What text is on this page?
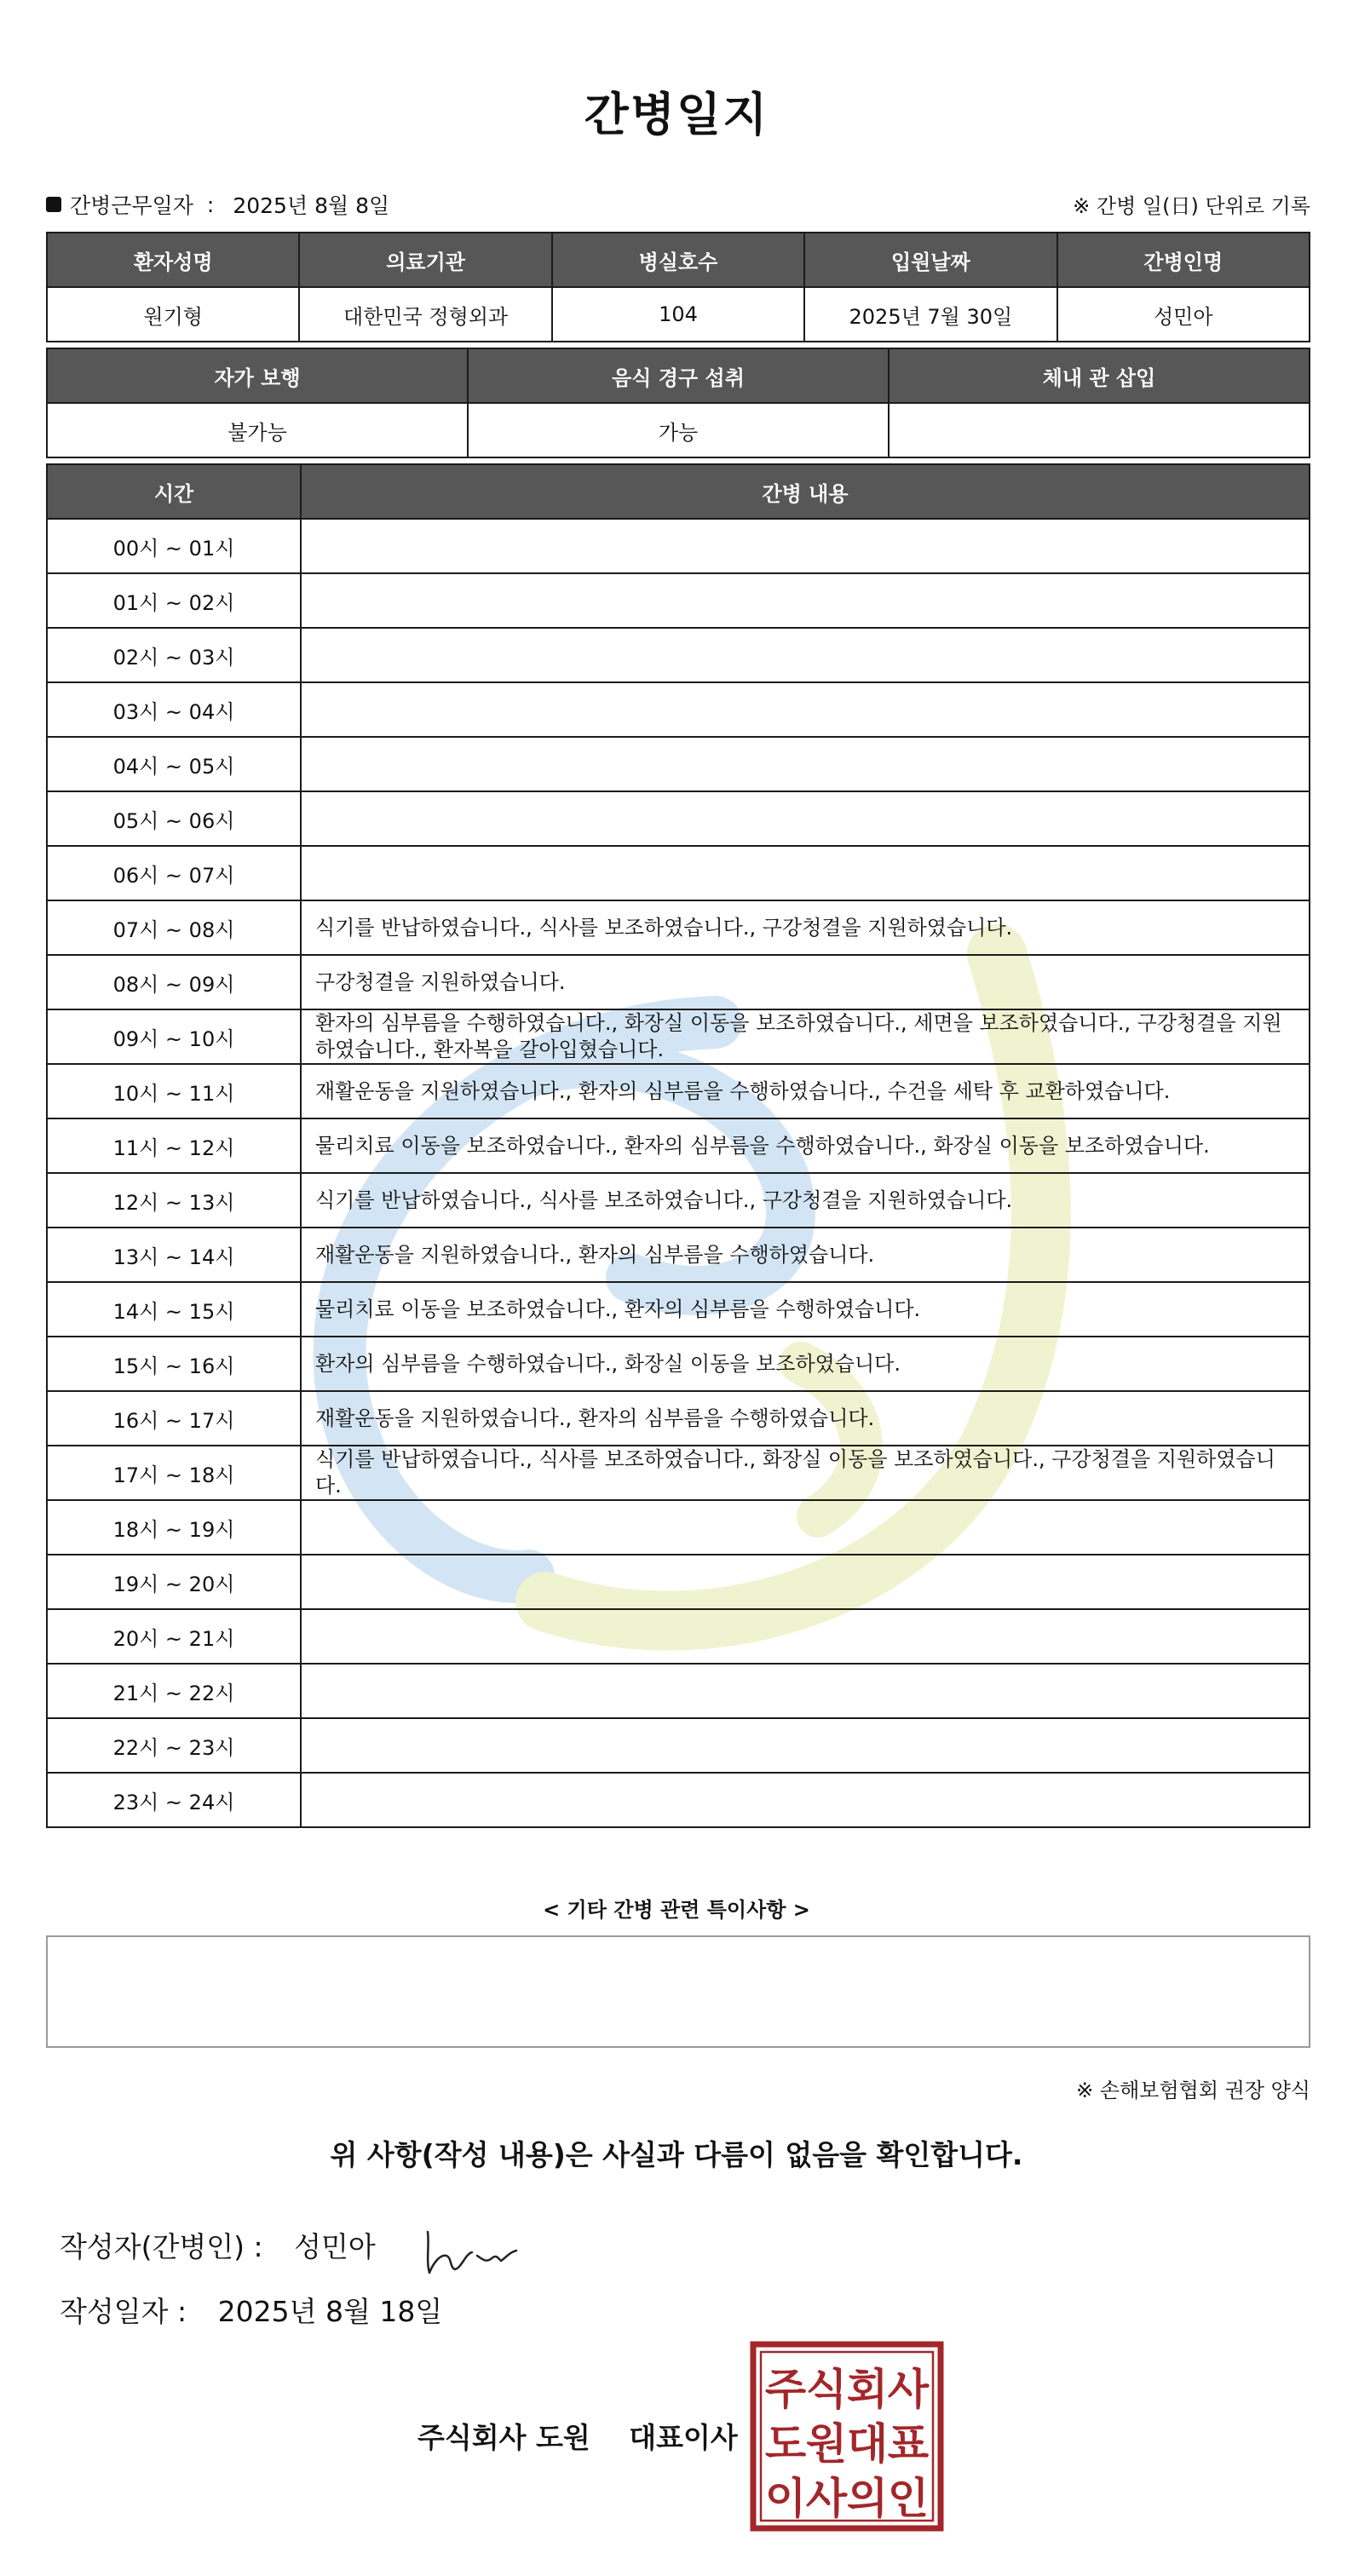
간병일지
간병근무일자 : 2025년 8월 8일	※ 간병 일(日) 단위로 기록
환자성명	의료기관	병실호수	입원날짜	간병인명
원기형	대한민국 정형외과	104	2025년 7월 30일	성민아
자가 보행	음식 경구 섭취	체내 관 삽입
불가능	가능	
시간	간병 내용
00시 ~ 01시	
01시 ~ 02시	
02시 ~ 03시	
03시 ~ 04시	
04시 ~ 05시	
05시 ~ 06시	
06시 ~ 07시	
07시 ~ 08시	식기를 반납하였습니다., 식사를 보조하였습니다., 구강청결을 지원하였습니다.
08시 ~ 09시	구강청결을 지원하였습니다.
09시 ~ 10시	환자의 심부름을 수행하였습니다., 화장실 이동을 보조하였습니다., 세면을 보조하였습니다., 구강청결을 지원하였습니다., 환자복을 갈아입혔습니다.
10시 ~ 11시	재활운동을 지원하였습니다., 환자의 심부름을 수행하였습니다., 수건을 세탁 후 교환하였습니다.
11시 ~ 12시	물리치료 이동을 보조하였습니다., 환자의 심부름을 수행하였습니다., 화장실 이동을 보조하였습니다.
12시 ~ 13시	식기를 반납하였습니다., 식사를 보조하였습니다., 구강청결을 지원하였습니다.
13시 ~ 14시	재활운동을 지원하였습니다., 환자의 심부름을 수행하였습니다.
14시 ~ 15시	물리치료 이동을 보조하였습니다., 환자의 심부름을 수행하였습니다.
15시 ~ 16시	환자의 심부름을 수행하였습니다., 화장실 이동을 보조하였습니다.
16시 ~ 17시	재활운동을 지원하였습니다., 환자의 심부름을 수행하였습니다.
17시 ~ 18시	식기를 반납하였습니다., 식사를 보조하였습니다., 화장실 이동을 보조하였습니다., 구강청결을 지원하였습니다.
18시 ~ 19시	
19시 ~ 20시	
20시 ~ 21시	
21시 ~ 22시	
22시 ~ 23시	
23시 ~ 24시	
< 기타 간병 관련 특이사항 >
※ 손해보험협회 권장 양식
위 사항(작성 내용)은 사실과 다름이 없음을 확인합니다.
작성자(간병인) : 성민아
작성일자 : 2025년 8월 18일
주식회사 도원 대표이사
주 식 회 사
도 원 대 표
이 사 의 인
